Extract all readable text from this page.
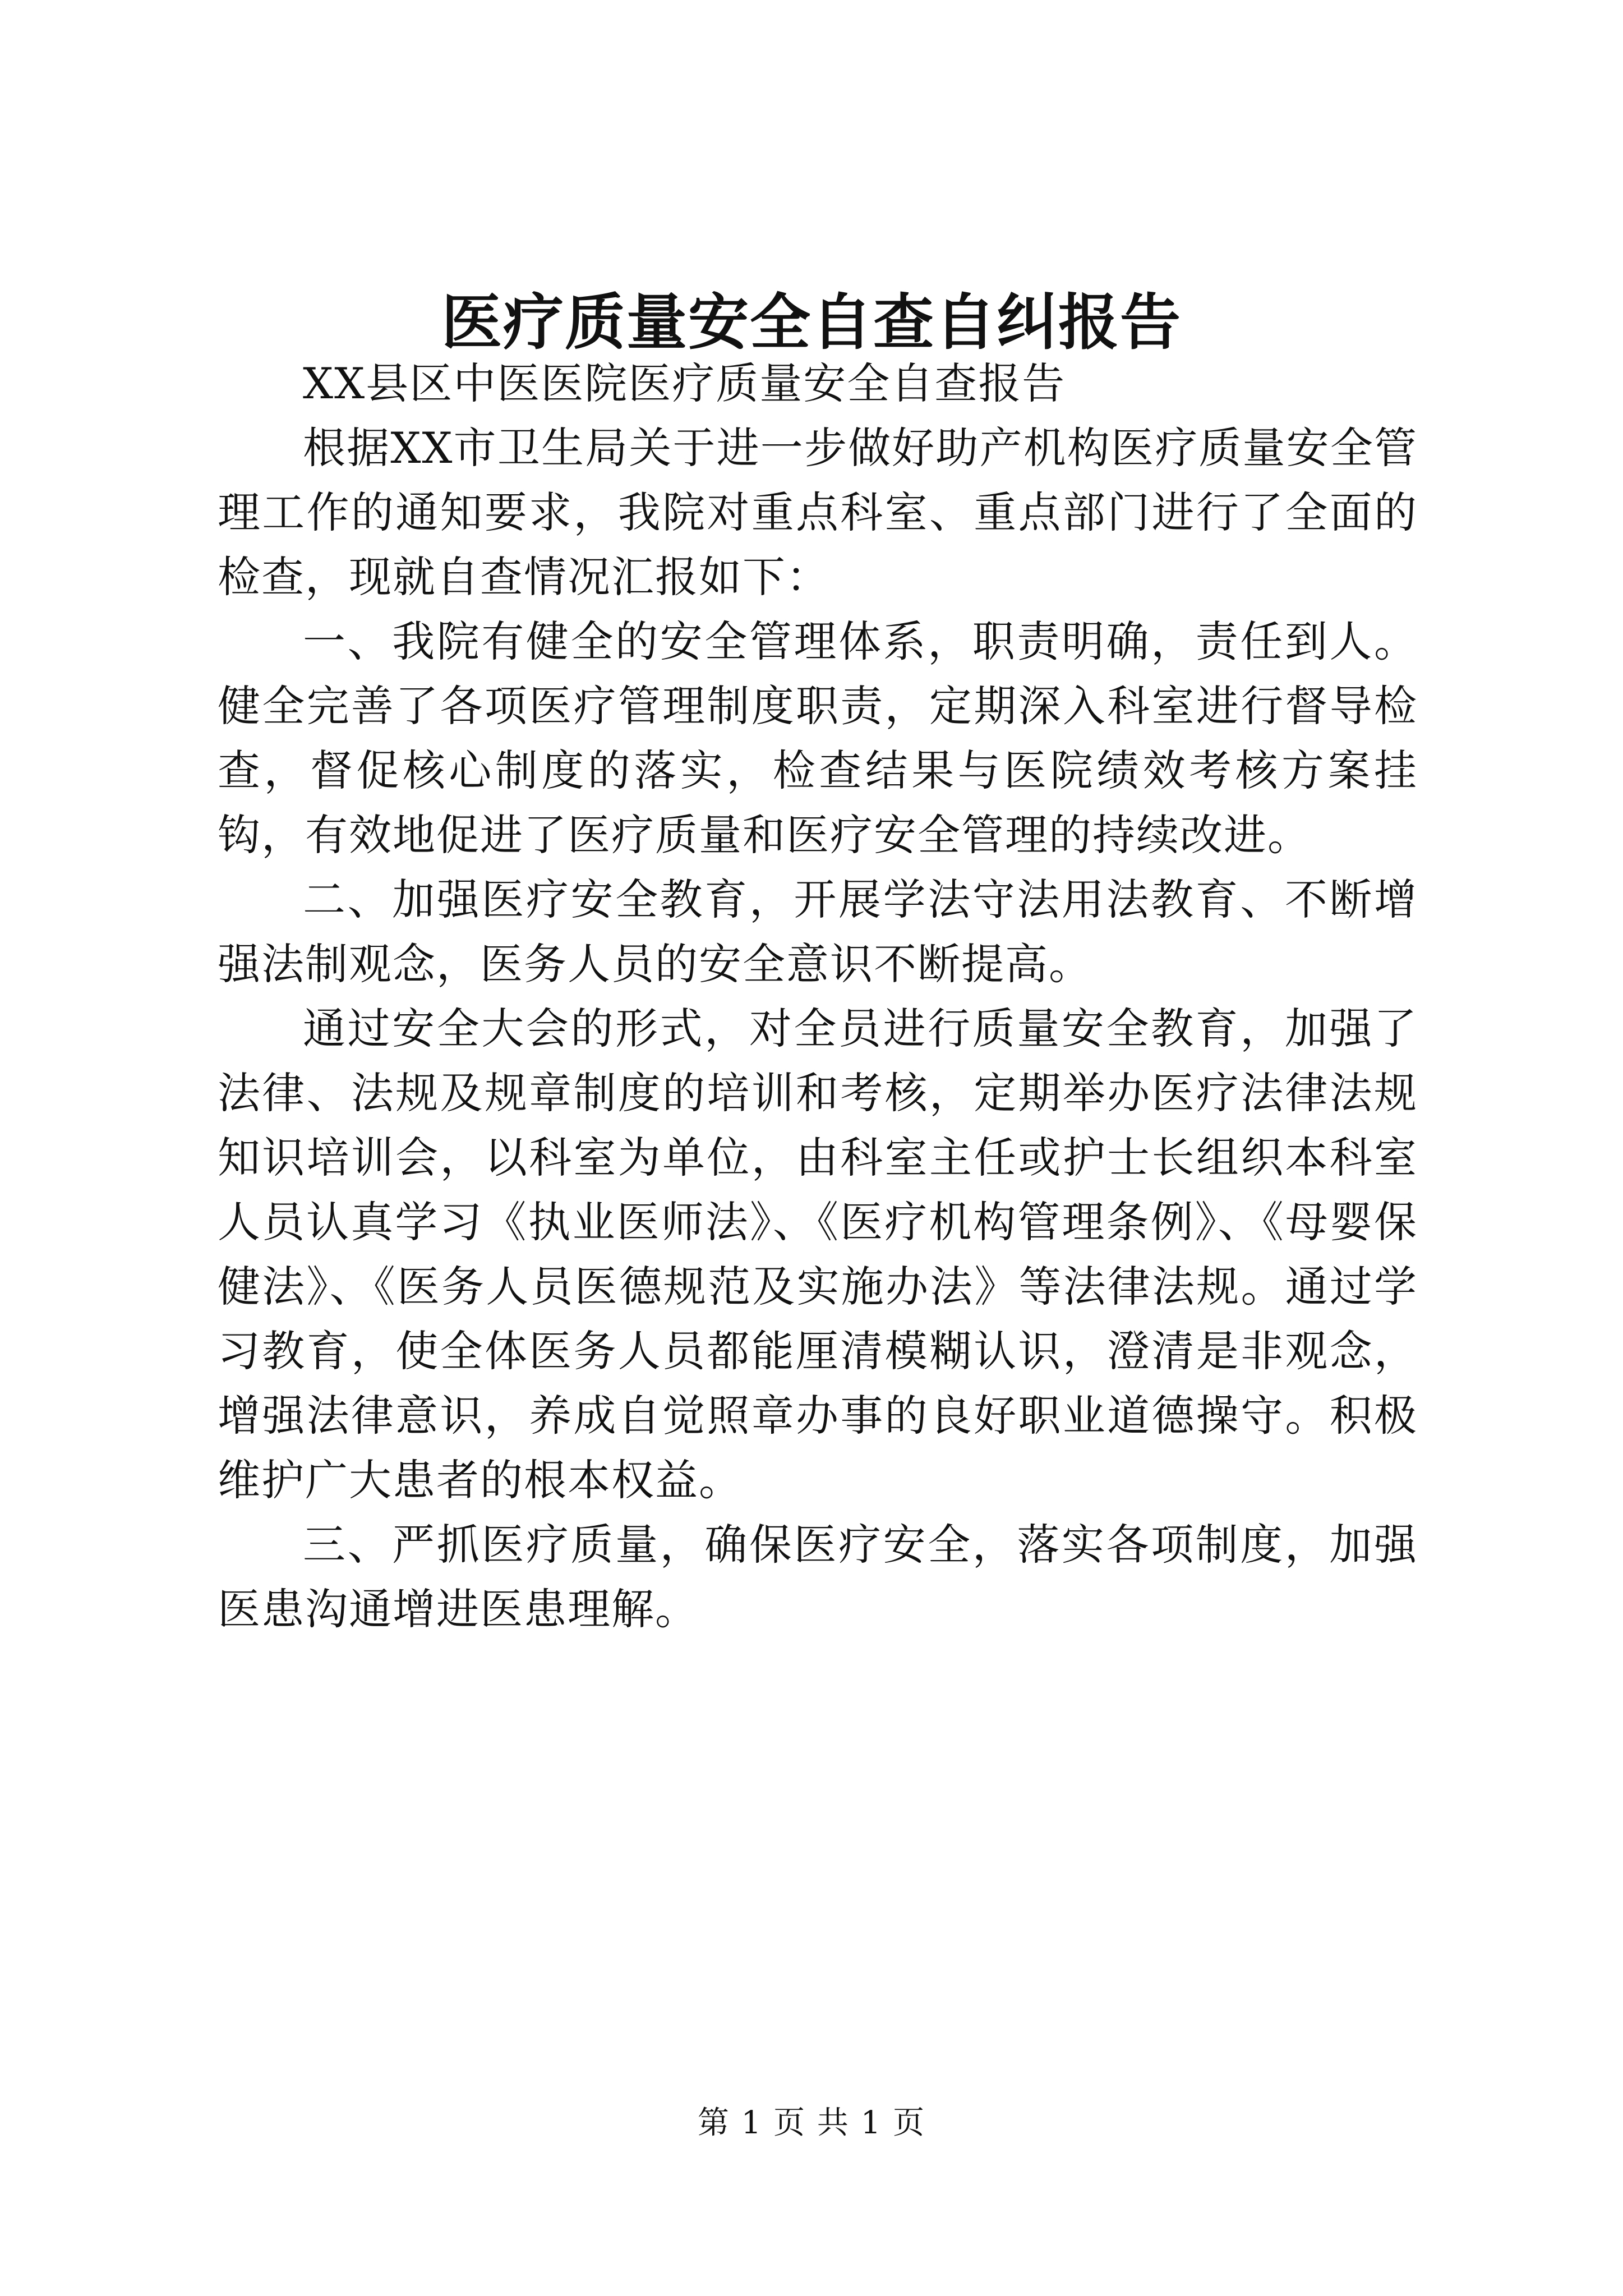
医疗质量安全自查自纠报告

XX县区中医医院医疗质量安全自查报告

根据XX市卫生局关于进一步做好助产机构医疗质量安全管理工作的通知要求，我院对重点科室、重点部门进行了全面的检查，现就自查情况汇报如下：

一、我院有健全的安全管理体系，职责明确，责任到人。健全完善了各项医疗管理制度职责，定期深入科室进行督导检查，督促核心制度的落实，检查结果与医院绩效考核方案挂钩，有效地促进了医疗质量和医疗安全管理的持续改进。

二、加强医疗安全教育，开展学法守法用法教育、不断增强法制观念，医务人员的安全意识不断提高。

通过安全大会的形式，对全员进行质量安全教育，加强了法律、法规及规章制度的培训和考核，定期举办医疗法律法规知识培训会，以科室为单位，由科室主任或护士长组织本科室人员认真学习《执业医师法》、《医疗机构管理条例》、《母婴保健法》、《医务人员医德规范及实施办法》等法律法规。通过学习教育，使全体医务人员都能厘清模糊认识，澄清是非观念，增强法律意识，养成自觉照章办事的良好职业道德操守。积极维护广大患者的根本权益。

三、严抓医疗质量，确保医疗安全，落实各项制度，加强医患沟通增进医患理解。

第 1 页 共 1 页
